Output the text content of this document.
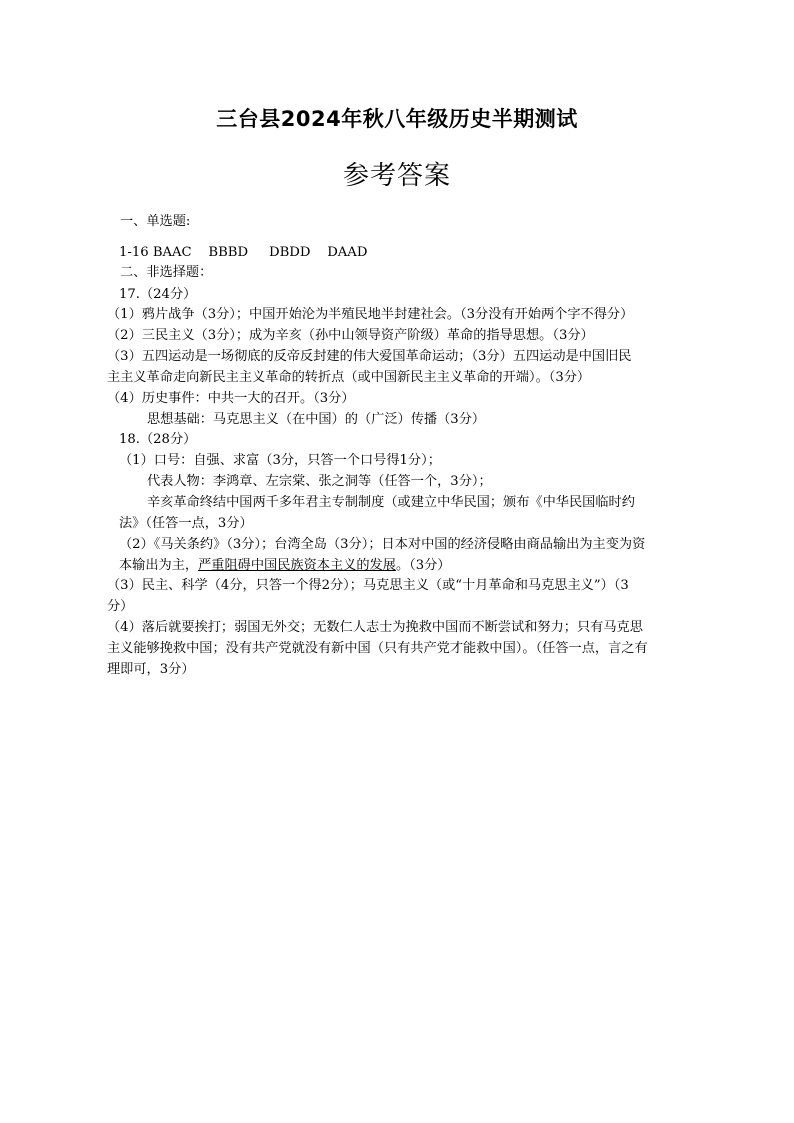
三台县2024年秋八年级历史半期测试
参考答案
一、单选题:
1-16 BAAC    BBBD     DBDD    DAAD
二、非选择题：
17.（24分）
（1）鸦片战争（3分）；中国开始沦为半殖民地半封建社会。（3分没有开始两个字不得分）
（2）三民主义（3分）；成为辛亥（孙中山领导资产阶级）革命的指导思想。（3分）
（3）五四运动是一场彻底的反帝反封建的伟大爱国革命运动；（3分）五四运动是中国旧民
主主义革命走向新民主主义革命的转折点（或中国新民主主义革命的开端）。（3分）
（4）历史事件：中共一大的召开。（3分）
思想基础：马克思主义（在中国）的（广泛）传播（3分）
18.（28分）
（1）口号：自强、求富（3分，只答一个口号得1分）；
代表人物：李鸿章、左宗棠、张之洞等（任答一个，3分）；
辛亥革命终结中国两千多年君主专制制度（或建立中华民国；颁布《中华民国临时约
法》（任答一点，3分）
（2）《马关条约》（3分）；台湾全岛（3分）；日本对中国的经济侵略由商品输出为主变为资
本输出为主，严重阻碍中国民族资本主义的发展。（3分）
（3）民主、科学（4分，只答一个得2分）；马克思主义（或“十月革命和马克思主义”）（3
分）
（4）落后就要挨打；弱国无外交；无数仁人志士为挽救中国而不断尝试和努力；只有马克思
主义能够挽救中国；没有共产党就没有新中国（只有共产党才能救中国）。（任答一点，言之有
理即可，3分）
